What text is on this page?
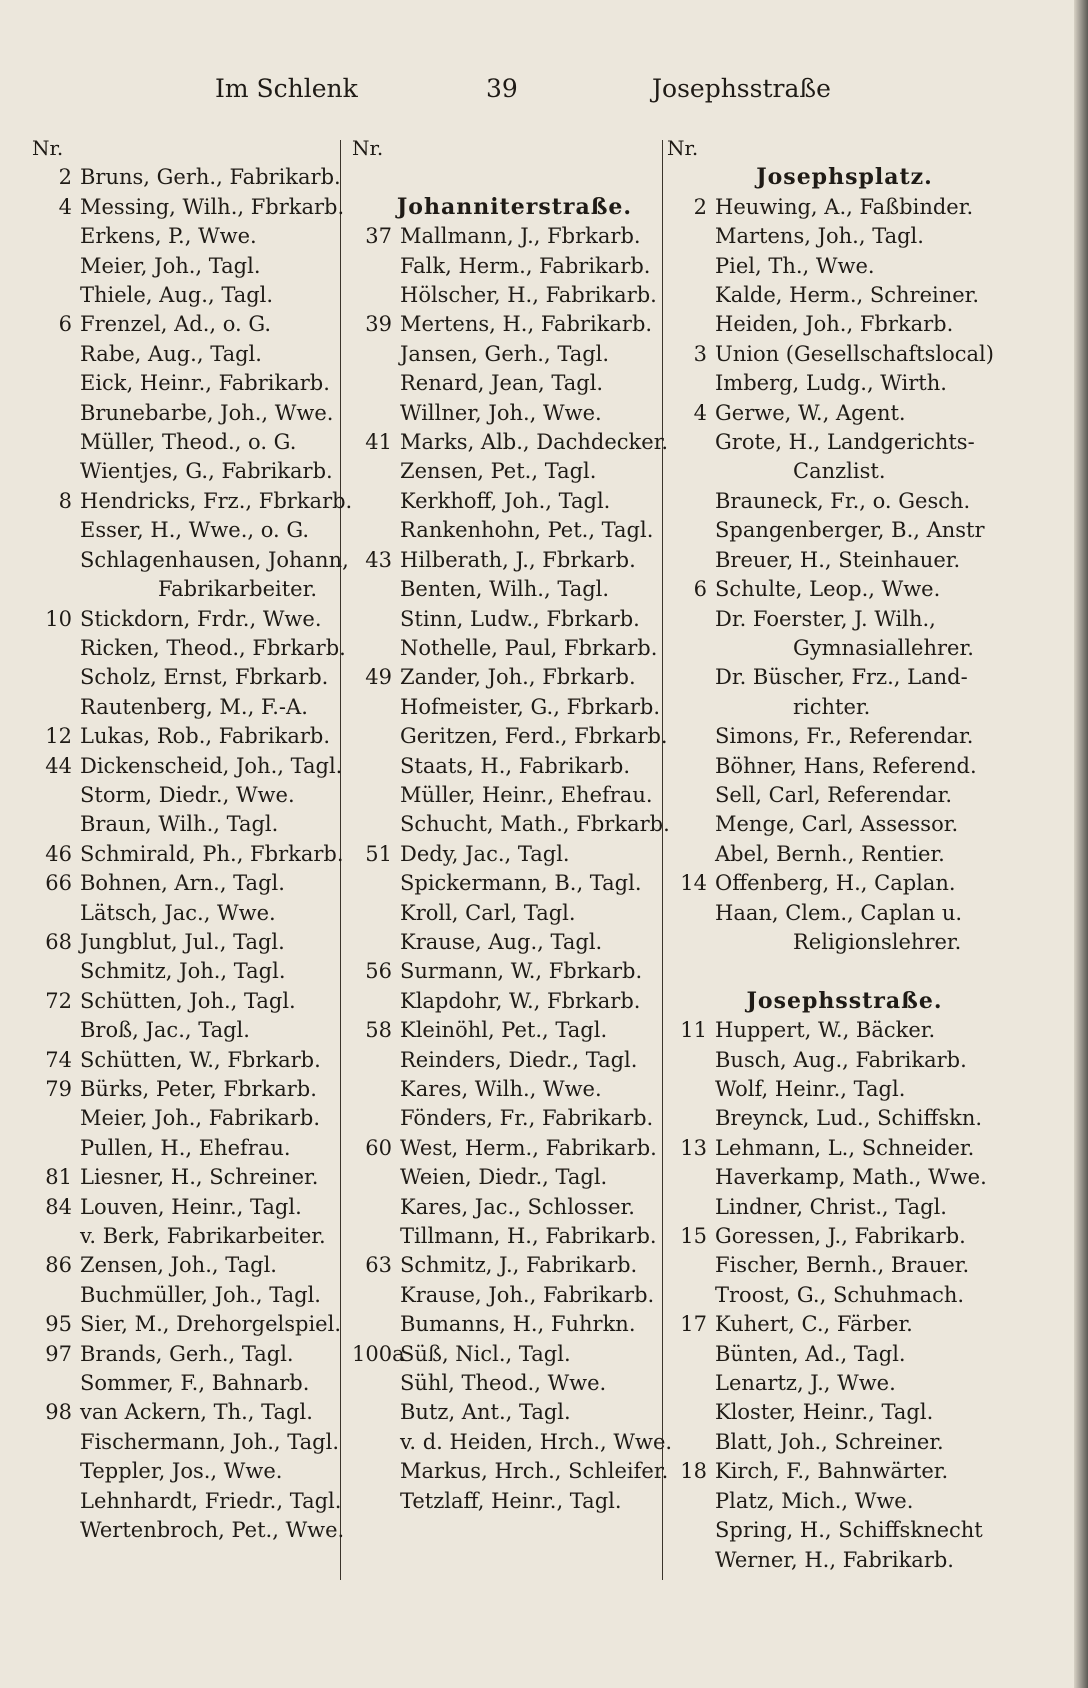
Im Schlenk	39	Josephsstraße
Nr.
2 Bruns, Gerh., Fabrikarb.
4 Messing, Wilh., Fbrkarb.
Erkens, P., Wwe.
Meier, Joh., Tagl.
Thiele, Aug., Tagl.
6 Frenzel, Ad., o. G.
Rabe, Aug., Tagl.
Eick, Heinr., Fabrikarb.
Brunebarbe, Joh., Wwe.
Müller, Theod., o. G.
Wientjes, G., Fabrikarb.
8 Hendricks, Frz., Fbrkarb.
Esser, H., Wwe., o. G.
Schlagenhausen, Johann,
Fabrikarbeiter.
10 Stickdorn, Frdr., Wwe.
Ricken, Theod., Fbrkarb.
Scholz, Ernst, Fbrkarb.
Rautenberg, M., F.-A.
12 Lukas, Rob., Fabrikarb.
44 Dickenscheid, Joh., Tagl.
Storm, Diedr., Wwe.
Braun, Wilh., Tagl.
46 Schmirald, Ph., Fbrkarb.
66 Bohnen, Arn., Tagl.
Lätsch, Jac., Wwe.
68 Jungblut, Jul., Tagl.
Schmitz, Joh., Tagl.
72 Schütten, Joh., Tagl.
Broß, Jac., Tagl.
74 Schütten, W., Fbrkarb.
79 Bürks, Peter, Fbrkarb.
Meier, Joh., Fabrikarb.
Pullen, H., Ehefrau.
81 Liesner, H., Schreiner.
84 Louven, Heinr., Tagl.
v. Berk, Fabrikarbeiter.
86 Zensen, Joh., Tagl.
Buchmüller, Joh., Tagl.
95 Sier, M., Drehorgelspiel.
97 Brands, Gerh., Tagl.
Sommer, F., Bahnarb.
98 van Ackern, Th., Tagl.
Fischermann, Joh., Tagl.
Teppler, Jos., Wwe.
Lehnhardt, Friedr., Tagl.
Wertenbroch, Pet., Wwe.
Nr.

Johanniterstraße.
37 Mallmann, J., Fbrkarb.
Falk, Herm., Fabrikarb.
Hölscher, H., Fabrikarb.
39 Mertens, H., Fabrikarb.
Jansen, Gerh., Tagl.
Renard, Jean, Tagl.
Willner, Joh., Wwe.
41 Marks, Alb., Dachdecker.
Zensen, Pet., Tagl.
Kerkhoff, Joh., Tagl.
Rankenhohn, Pet., Tagl.
43 Hilberath, J., Fbrkarb.
Benten, Wilh., Tagl.
Stinn, Ludw., Fbrkarb.
Nothelle, Paul, Fbrkarb.
49 Zander, Joh., Fbrkarb.
Hofmeister, G., Fbrkarb.
Geritzen, Ferd., Fbrkarb.
Staats, H., Fabrikarb.
Müller, Heinr., Ehefrau.
Schucht, Math., Fbrkarb.
51 Dedy, Jac., Tagl.
Spickermann, B., Tagl.
Kroll, Carl, Tagl.
Krause, Aug., Tagl.
56 Surmann, W., Fbrkarb.
Klapdohr, W., Fbrkarb.
58 Kleinöhl, Pet., Tagl.
Reinders, Diedr., Tagl.
Kares, Wilh., Wwe.
Fönders, Fr., Fabrikarb.
60 West, Herm., Fabrikarb.
Weien, Diedr., Tagl.
Kares, Jac., Schlosser.
Tillmann, H., Fabrikarb.
63 Schmitz, J., Fabrikarb.
Krause, Joh., Fabrikarb.
Bumanns, H., Fuhrkn.
100aSüß, Nicl., Tagl.
Sühl, Theod., Wwe.
Butz, Ant., Tagl.
v. d. Heiden, Hrch., Wwe.
Markus, Hrch., Schleifer.
Tetzlaff, Heinr., Tagl.
Nr.
Josephsplatz.
2 Heuwing, A., Faßbinder.
Martens, Joh., Tagl.
Piel, Th., Wwe.
Kalde, Herm., Schreiner.
Heiden, Joh., Fbrkarb.
3 Union (Gesellschaftslocal)
Imberg, Ludg., Wirth.
4 Gerwe, W., Agent.
Grote, H., Landgerichts-
Canzlist.
Brauneck, Fr., o. Gesch.
Spangenberger, B., Anstr
Breuer, H., Steinhauer.
6 Schulte, Leop., Wwe.
Dr. Foerster, J. Wilh.,
Gymnasiallehrer.
Dr. Büscher, Frz., Land-
richter.
Simons, Fr., Referendar.
Böhner, Hans, Referend.
Sell, Carl, Referendar.
Menge, Carl, Assessor.
Abel, Bernh., Rentier.
14 Offenberg, H., Caplan.
Haan, Clem., Caplan u.
Religionslehrer.

Josephsstraße.
11 Huppert, W., Bäcker.
Busch, Aug., Fabrikarb.
Wolf, Heinr., Tagl.
Breynck, Lud., Schiffskn.
13 Lehmann, L., Schneider.
Haverkamp, Math., Wwe.
Lindner, Christ., Tagl.
15 Goressen, J., Fabrikarb.
Fischer, Bernh., Brauer.
Troost, G., Schuhmach.
17 Kuhert, C., Färber.
Bünten, Ad., Tagl.
Lenartz, J., Wwe.
Kloster, Heinr., Tagl.
Blatt, Joh., Schreiner.
18 Kirch, F., Bahnwärter.
Platz, Mich., Wwe.
Spring, H., Schiffsknecht
Werner, H., Fabrikarb.
